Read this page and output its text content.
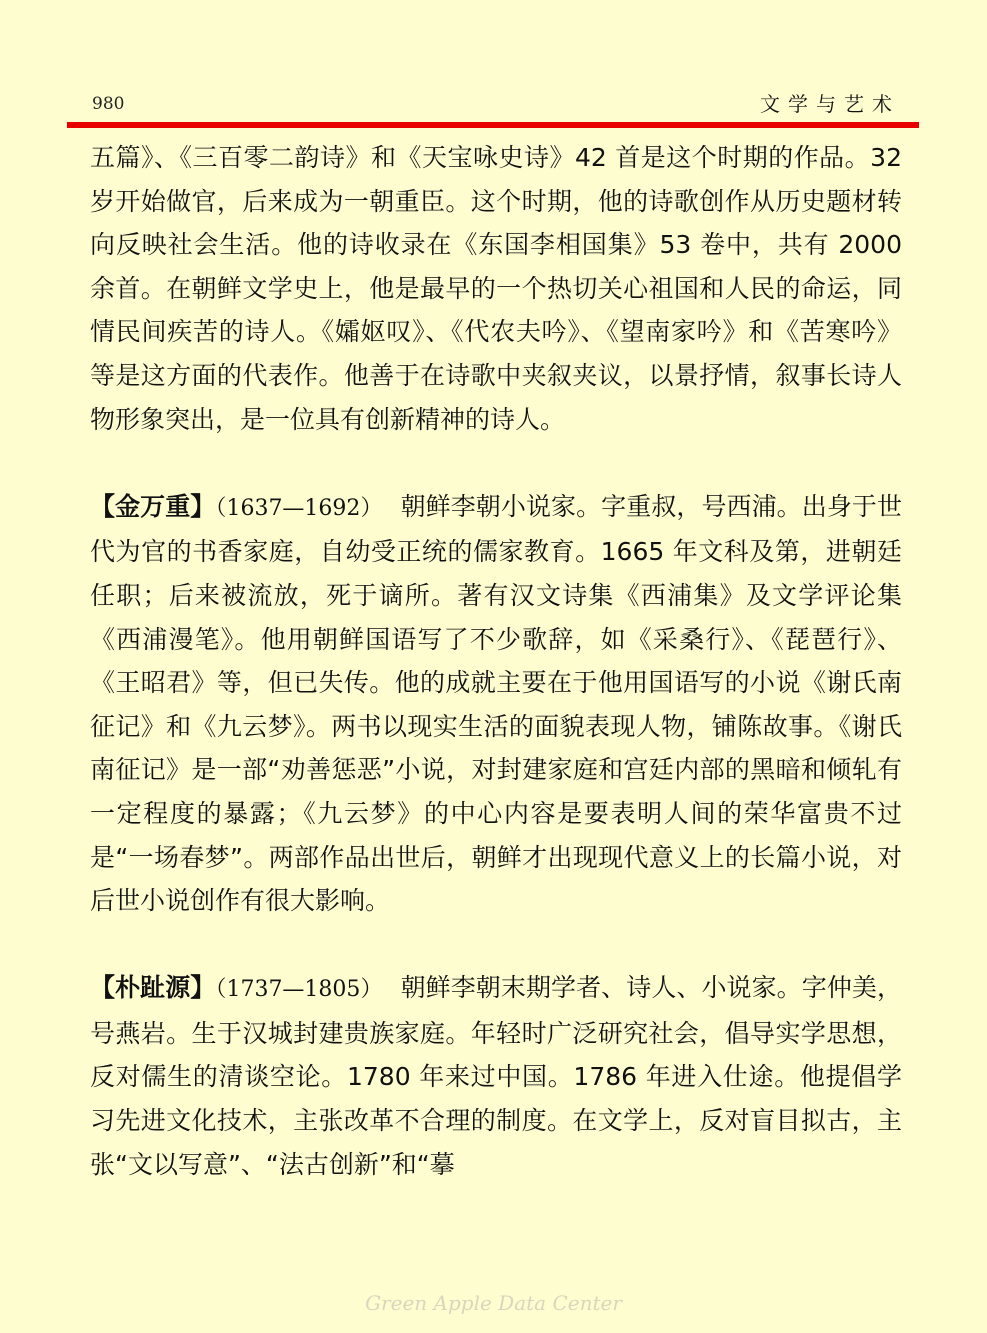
980	文学与艺术

五篇》、《三百零二韵诗》和《天宝咏史诗》42 首是这个时期的作品。32 岁开始做官，后来成为一朝重臣。这个时期，他的诗歌创作从历史题材转向反映社会生活。他的诗收录在《东国李相国集》53 卷中，共有 2000 余首。在朝鲜文学史上，他是最早的一个热切关心祖国和人民的命运，同情民间疾苦的诗人。《孀妪叹》、《代农夫吟》、《望南家吟》和《苦寒吟》等是这方面的代表作。他善于在诗歌中夹叙夹议，以景抒情，叙事长诗人物形象突出，是一位具有创新精神的诗人。

【金万重】（1637—1692） 朝鲜李朝小说家。字重叔，号西浦。出身于世代为官的书香家庭，自幼受正统的儒家教育。1665 年文科及第，进朝廷任职；后来被流放，死于谪所。著有汉文诗集《西浦集》及文学评论集《西浦漫笔》。他用朝鲜国语写了不少歌辞，如《采桑行》、《琵琶行》、《王昭君》等，但已失传。他的成就主要在于他用国语写的小说《谢氏南征记》和《九云梦》。两书以现实生活的面貌表现人物，铺陈故事。《谢氏南征记》是一部“劝善惩恶”小说，对封建家庭和宫廷内部的黑暗和倾轧有一定程度的暴露；《九云梦》的中心内容是要表明人间的荣华富贵不过是“一场春梦”。两部作品出世后，朝鲜才出现现代意义上的长篇小说，对后世小说创作有很大影响。

【朴趾源】（1737—1805） 朝鲜李朝末期学者、诗人、小说家。字仲美，号燕岩。生于汉城封建贵族家庭。年轻时广泛研究社会，倡导实学思想，反对儒生的清谈空论。1780 年来过中国。1786 年进入仕途。他提倡学习先进文化技术，主张改革不合理的制度。在文学上，反对盲目拟古，主张“文以写意”、“法古创新”和“摹

Green Apple Data Center
